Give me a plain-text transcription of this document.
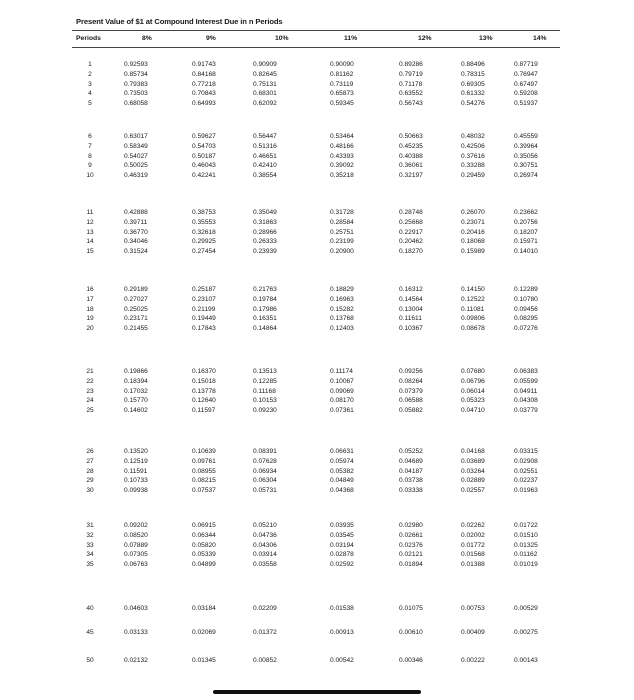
Present Value of $1 at Compound Interest Due in n Periods
Periods	8%	9%	10%	11%	12%	13%	14%
1	0.92593	0.91743	0.90909	0.90090	0.89286	0.88496	0.87719
2	0.85734	0.84168	0.82645	0.81162	0.79719	0.78315	0.76947
3	0.79383	0.77218	0.75131	0.73119	0.71178	0.69305	0.67497
4	0.73503	0.70843	0.68301	0.65873	0.63552	0.61332	0.59208
5	0.68058	0.64993	0.62092	0.59345	0.56743	0.54276	0.51937
6	0.63017	0.59627	0.56447	0.53464	0.50663	0.48032	0.45559
7	0.58349	0.54703	0.51316	0.48166	0.45235	0.42506	0.39964
8	0.54027	0.50187	0.46651	0.43393	0.40388	0.37616	0.35056
9	0.50025	0.46043	0.42410	0.39092	0.36061	0.33288	0.30751
10	0.46319	0.42241	0.38554	0.35218	0.32197	0.29459	0.26974
11	0.42888	0.38753	0.35049	0.31728	0.28748	0.26070	0.23662
12	0.39711	0.35553	0.31863	0.28584	0.25668	0.23071	0.20756
13	0.36770	0.32618	0.28966	0.25751	0.22917	0.20416	0.18207
14	0.34046	0.29925	0.26333	0.23199	0.20462	0.18068	0.15971
15	0.31524	0.27454	0.23939	0.20900	0.18270	0.15989	0.14010
16	0.29189	0.25187	0.21763	0.18829	0.16312	0.14150	0.12289
17	0.27027	0.23107	0.19784	0.16963	0.14564	0.12522	0.10780
18	0.25025	0.21199	0.17986	0.15282	0.13004	0.11081	0.09456
19	0.23171	0.19449	0.16351	0.13768	0.11611	0.09806	0.08295
20	0.21455	0.17843	0.14864	0.12403	0.10367	0.08678	0.07276
21	0.19866	0.16370	0.13513	0.11174	0.09256	0.07680	0.06383
22	0.18394	0.15018	0.12285	0.10067	0.08264	0.06796	0.05599
23	0.17032	0.13778	0.11168	0.09069	0.07379	0.06014	0.04911
24	0.15770	0.12640	0.10153	0.08170	0.06588	0.05323	0.04308
25	0.14602	0.11597	0.09230	0.07361	0.05882	0.04710	0.03779
26	0.13520	0.10639	0.08391	0.06631	0.05252	0.04168	0.03315
27	0.12519	0.09761	0.07628	0.05974	0.04689	0.03689	0.02908
28	0.11591	0.08955	0.06934	0.05382	0.04187	0.03264	0.02551
29	0.10733	0.08215	0.06304	0.04849	0.03738	0.02889	0.02237
30	0.09938	0.07537	0.05731	0.04368	0.03338	0.02557	0.01963
31	0.09202	0.06915	0.05210	0.03935	0.02980	0.02262	0.01722
32	0.08520	0.06344	0.04736	0.03545	0.02661	0.02002	0.01510
33	0.07889	0.05820	0.04306	0.03194	0.02376	0.01772	0.01325
34	0.07305	0.05339	0.03914	0.02878	0.02121	0.01568	0.01162
35	0.06763	0.04899	0.03558	0.02592	0.01894	0.01388	0.01019
40	0.04603	0.03184	0.02209	0.01538	0.01075	0.00753	0.00529
45	0.03133	0.02069	0.01372	0.00913	0.00610	0.00409	0.00275
50	0.02132	0.01345	0.00852	0.00542	0.00346	0.00222	0.00143
